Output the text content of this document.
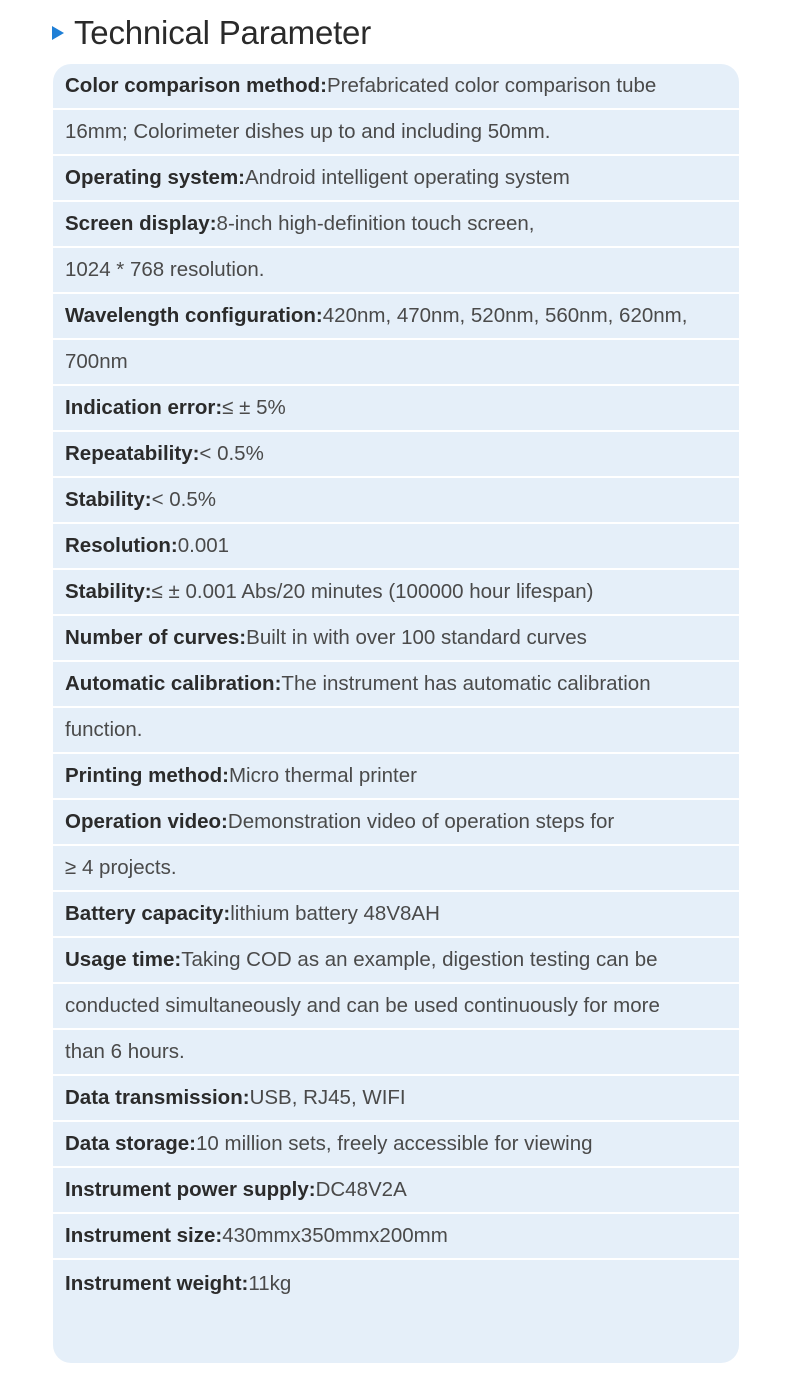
Technical Parameter
Color comparison method: Prefabricated color comparison tube
16mm; Colorimeter dishes up to and including 50mm.
Operating system: Android intelligent operating system
Screen display: 8-inch high-definition touch screen,
1024 * 768 resolution.
Wavelength configuration: 420nm, 470nm, 520nm, 560nm, 620nm,
700nm
Indication error: ≤ ± 5%
Repeatability: < 0.5%
Stability: < 0.5%
Resolution: 0.001
Stability: ≤ ± 0.001 Abs/20 minutes (100000 hour lifespan)
Number of curves: Built in with over 100 standard curves
Automatic calibration: The instrument has automatic calibration
function.
Printing method: Micro thermal printer
Operation video: Demonstration video of operation steps for
≥ 4 projects.
Battery capacity: lithium battery 48V8AH
Usage time: Taking COD as an example, digestion testing can be
conducted simultaneously and can be used continuously for more
than 6 hours.
Data transmission: USB, RJ45, WIFI
Data storage: 10 million sets, freely accessible for viewing
Instrument power supply: DC48V2A
Instrument size: 430mmx350mmx200mm
Instrument weight: 11kg
